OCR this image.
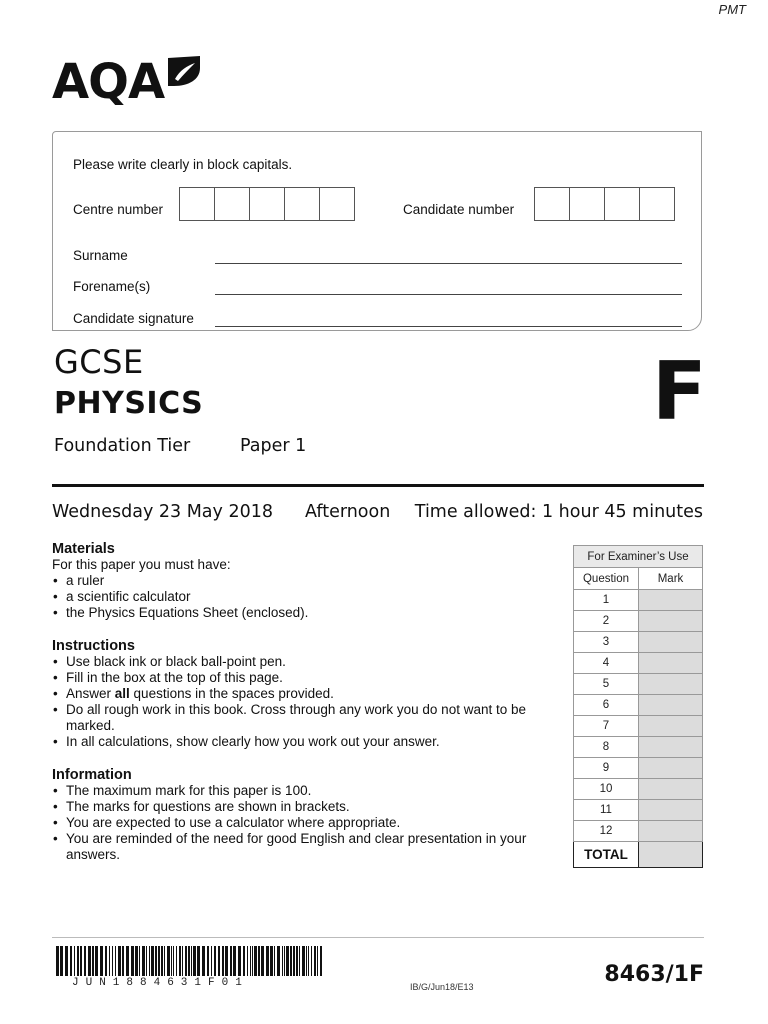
PMT
AQA
Please write clearly in block capitals.
Centre number	Candidate number
Surname
Forename(s)
Candidate signature
GCSE
PHYSICS
Foundation Tier	Paper 1
F
Wednesday 23 May 2018 Afternoon Time allowed: 1 hour 45 minutes
Materials
For this paper you must have:
• a ruler
• a scientific calculator
• the Physics Equations Sheet (enclosed).
Instructions
• Use black ink or black ball-point pen.
• Fill in the box at the top of this page.
• Answer all questions in the spaces provided.
• Do all rough work in this book. Cross through any work you do not want to be marked.
• In all calculations, show clearly how you work out your answer.
Information
• The maximum mark for this paper is 100.
• The marks for questions are shown in brackets.
• You are expected to use a calculator where appropriate.
• You are reminded of the need for good English and clear presentation in your answers.
For Examiner’s Use	
Question	Mark
1	
2	
3	
4	
5	
6	
7	
8	
9	
10	
11	
12	
TOTAL	
JUN1884631F01	IB/G/Jun18/E13	8463/1F
